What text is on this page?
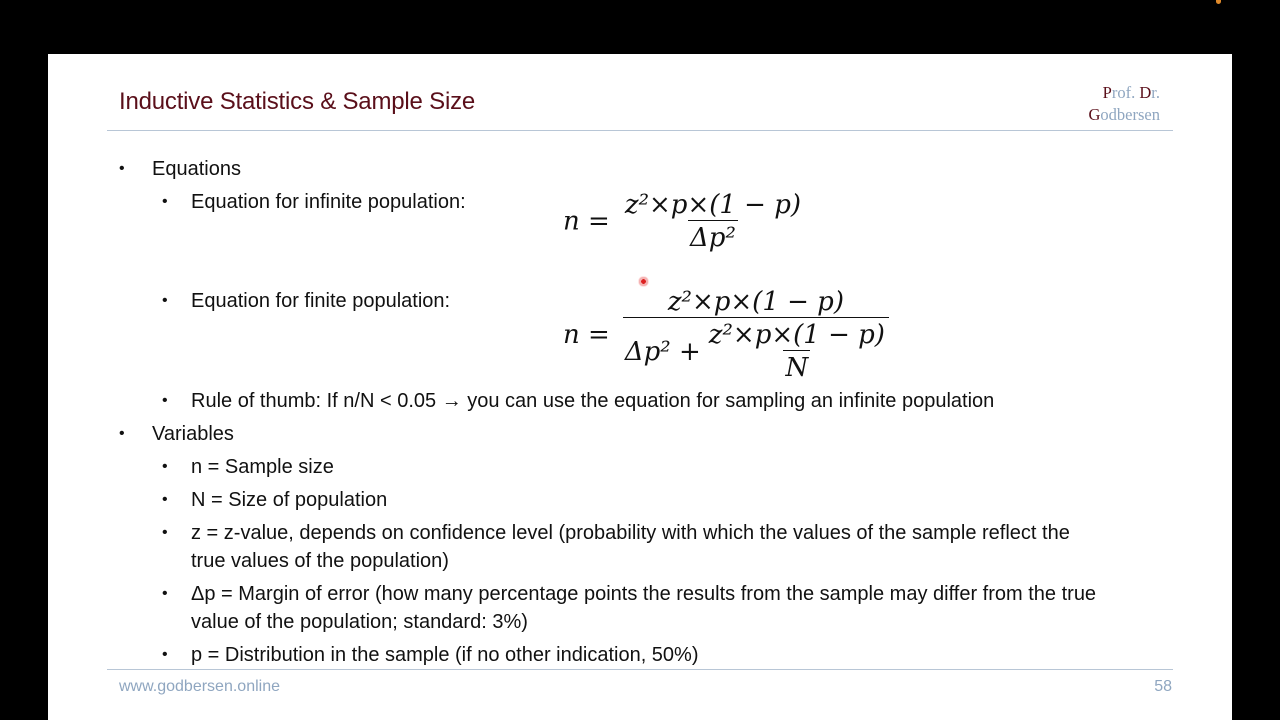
Inductive Statistics & Sample Size	Prof. Dr.
Godbersen
• Equations
• Equation for infinite population:
$n = \frac{\text{z²×p×(1 − p)}}{\text{Δp²}}$
• Equation for finite population:
$n = \frac{\text{z²×p×(1 − p)}}{\Delta p^2 + \frac{\text{z²×p×(1 − p)}}{N}}$
• Rule of thumb: If n/N < 0.05 → you can use the equation for sampling an infinite population
• Variables
• n = Sample size
• N = Size of population
• z = z-value, depends on confidence level (probability with which the values of the sample reflect the
true values of the population)
• Δp = Margin of error (how many percentage points the results from the sample may differ from the true
value of the population; standard: 3%)
• p = Distribution in the sample (if no other indication, 50%)
www.godbersen.online	58
